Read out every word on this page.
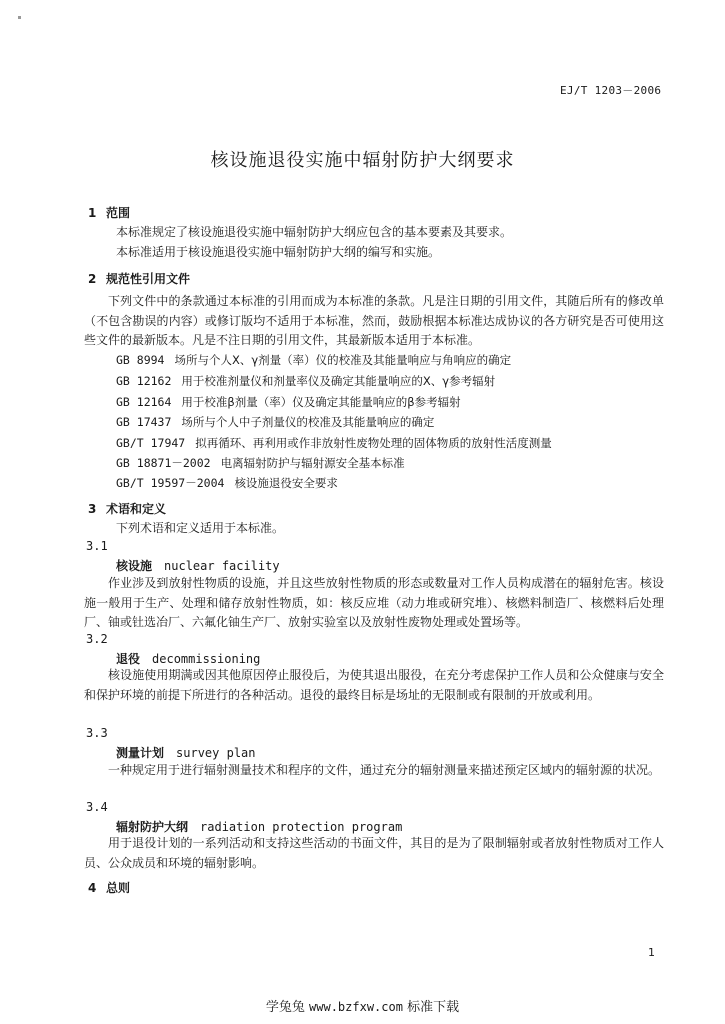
EJ/T 1203－2006
核设施退役实施中辐射防护大纲要求
1 范围
本标准规定了核设施退役实施中辐射防护大纲应包含的基本要素及其要求。
本标准适用于核设施退役实施中辐射防护大纲的编写和实施。
2 规范性引用文件
下列文件中的条款通过本标准的引用而成为本标准的条款。凡是注日期的引用文件，其随后所有的修改单（不包含勘误的内容）或修订版均不适用于本标准，然而，鼓励根据本标准达成协议的各方研究是否可使用这些文件的最新版本。凡是不注日期的引用文件，其最新版本适用于本标准。
GB 8994 场所与个人Χ、γ剂量（率）仪的校准及其能量响应与角响应的确定
GB 12162 用于校准剂量仪和剂量率仪及确定其能量响应的Χ、γ参考辐射
GB 12164 用于校准β剂量（率）仪及确定其能量响应的β参考辐射
GB 17437 场所与个人中子剂量仪的校准及其能量响应的确定
GB/T 17947 拟再循环、再利用或作非放射性废物处理的固体物质的放射性活度测量
GB 18871－2002 电离辐射防护与辐射源安全基本标准
GB/T 19597－2004 核设施退役安全要求
3 术语和定义
下列术语和定义适用于本标准。
3.1
核设施 nuclear facility
作业涉及到放射性物质的设施，并且这些放射性物质的形态或数量对工作人员构成潜在的辐射危害。核设施一般用于生产、处理和储存放射性物质，如：核反应堆（动力堆或研究堆）、核燃料制造厂、核燃料后处理厂、铀或钍选冶厂、六氟化铀生产厂、放射实验室以及放射性废物处理或处置场等。
3.2
退役 decommissioning
核设施使用期满或因其他原因停止服役后，为使其退出服役，在充分考虑保护工作人员和公众健康与安全和保护环境的前提下所进行的各种活动。退役的最终目标是场址的无限制或有限制的开放或利用。
3.3
测量计划 survey plan
一种规定用于进行辐射测量技术和程序的文件，通过充分的辐射测量来描述预定区域内的辐射源的状况。
3.4
辐射防护大纲 radiation protection program
用于退役计划的一系列活动和支持这些活动的书面文件，其目的是为了限制辐射或者放射性物质对工作人员、公众成员和环境的辐射影响。
4 总则
1
学兔兔 www.bzfxw.com 标准下载
